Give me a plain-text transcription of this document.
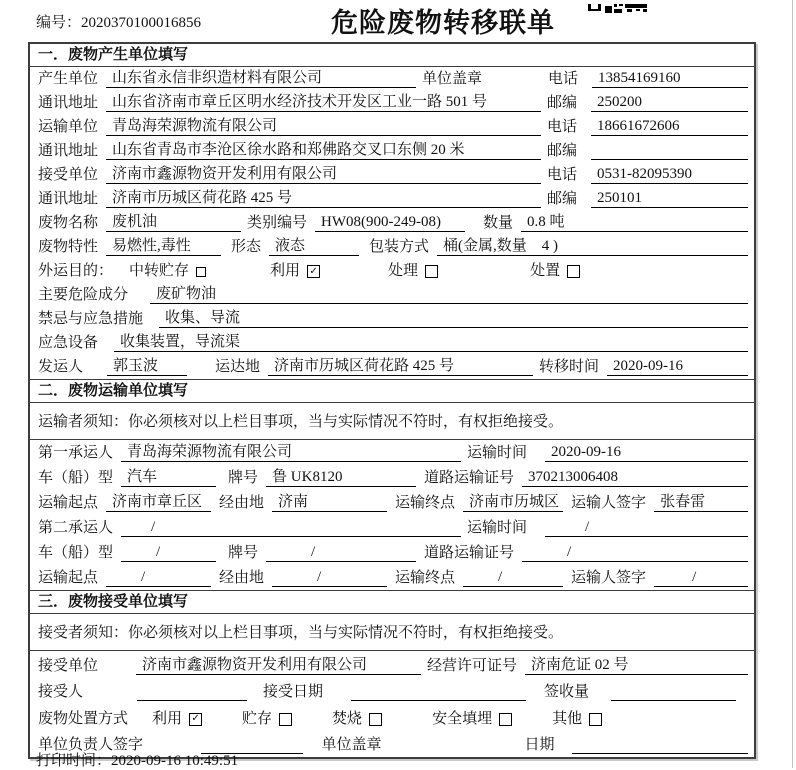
编号：2020370100016856	危险废物转移联单
一．废物产生单位填写
产生单位 山东省永信非织造材料有限公司	单位盖章	电话	13854169160
通讯地址 山东省济南市章丘区明水经济技术开发区工业一路 501 号	邮编	250200
运输单位 青岛海荣源物流有限公司	电话	18661672606
通讯地址 山东省青岛市李沧区徐水路和郑佛路交叉口东侧 20 米	邮编
接受单位 济南市鑫源物资开发利用有限公司	电话	0531-82095390
通讯地址 济南市历城区荷花路 425 号	邮编	250101
废物名称 废机油	类别编号 HW08(900-249-08)	数量 0.8 吨
废物特性 易燃性,毒性	形态 液态	包装方式 桶(金属,数量　4 )
外运目的： 中转贮存	利用 ✓	处理	处置
主要危险成分	废矿物油
禁忌与应急措施	收集、导流
应急设备	收集装置，导流渠
发运人	郭玉波	运达地 济南市历城区荷花路 425 号	转移时间 2020-09-16
二．废物运输单位填写
运输者须知：你必须核对以上栏目事项，当与实际情况不符时，有权拒绝接受。
第一承运人 青岛海荣源物流有限公司	运输时间	2020-09-16
车（船）型 汽车	牌号 鲁 UK8120	道路运输证号 370213006408
运输起点 济南市章丘区	经由地 济南	运输终点 济南市历城区 运输人签字 张春雷
第二承运人	/	运输时间	/
车（船）型	/	牌号	/	道路运输证号	/
运输起点	/	经由地	/	运输终点	/	运输人签字	/
三．废物接受单位填写
接受者须知：你必须核对以上栏目事项，当与实际情况不符时，有权拒绝接受。
接受单位	济南市鑫源物资开发利用有限公司	经营许可证号 济南危证 02 号
接受人	接受日期	签收量
废物处置方式 利用 ✓	贮存	焚烧	安全填埋	其他
单位负责人签字	单位盖章	日期
打印时间：2020-09-16 10:49:51
